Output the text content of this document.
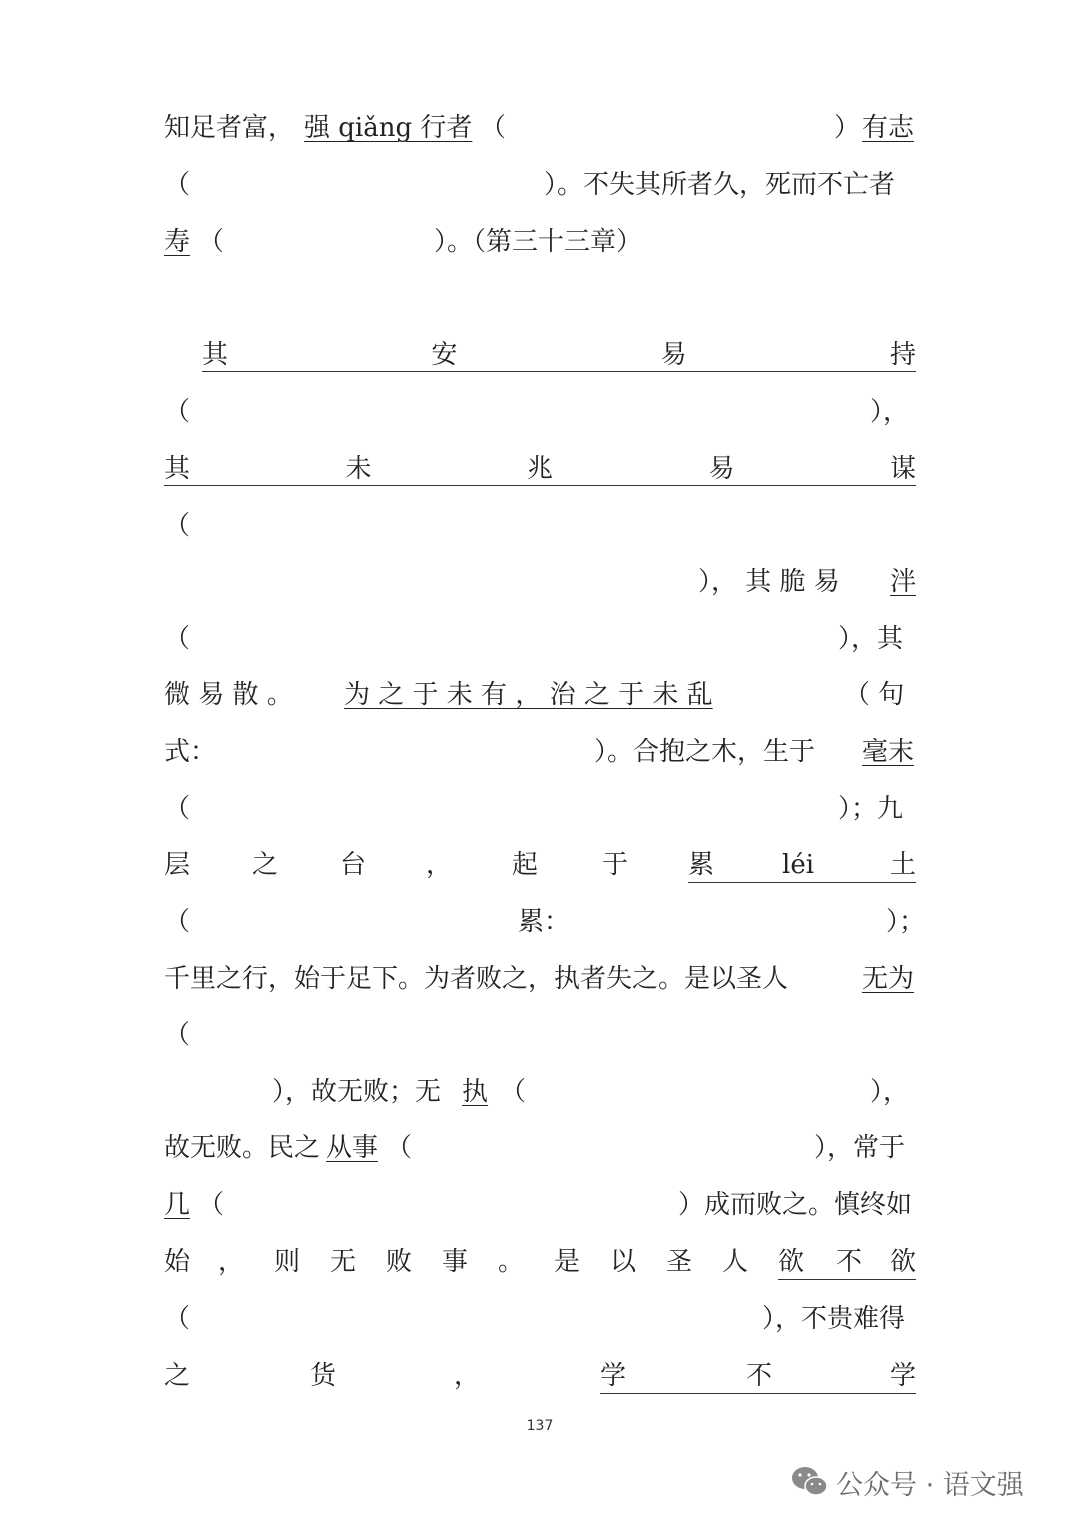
知足者富， 强 qiǎng 行者 （	） 有志
（	）。不失其所者久，死而不亡者
寿 （	）。（第三十三章）
其	安	易	持
（	），
其	未	兆	易	谋
（
）， 其 脆 易 泮
（	），其
微 易 散 。 为 之 于 未 有 ， 治 之 于 未 乱	（ 句
式：	）。合抱之木，生于 毫末
（	）；九
层 之 台 ， 起 于 累	léi	土
（	累：	）；
千里之行，始于足下。为者败之，执者失之。是以圣人	无为
（
），故无败；无 执 （	），
故无败。民之 从事 （	），常于
几 （	）成而败之。慎终如
始 ， 则 无 败 事 。 是 以 圣 人 欲 不 欲
（	），不贵难得
之	货	，	学	不	学
137
公众号 · 语文强
